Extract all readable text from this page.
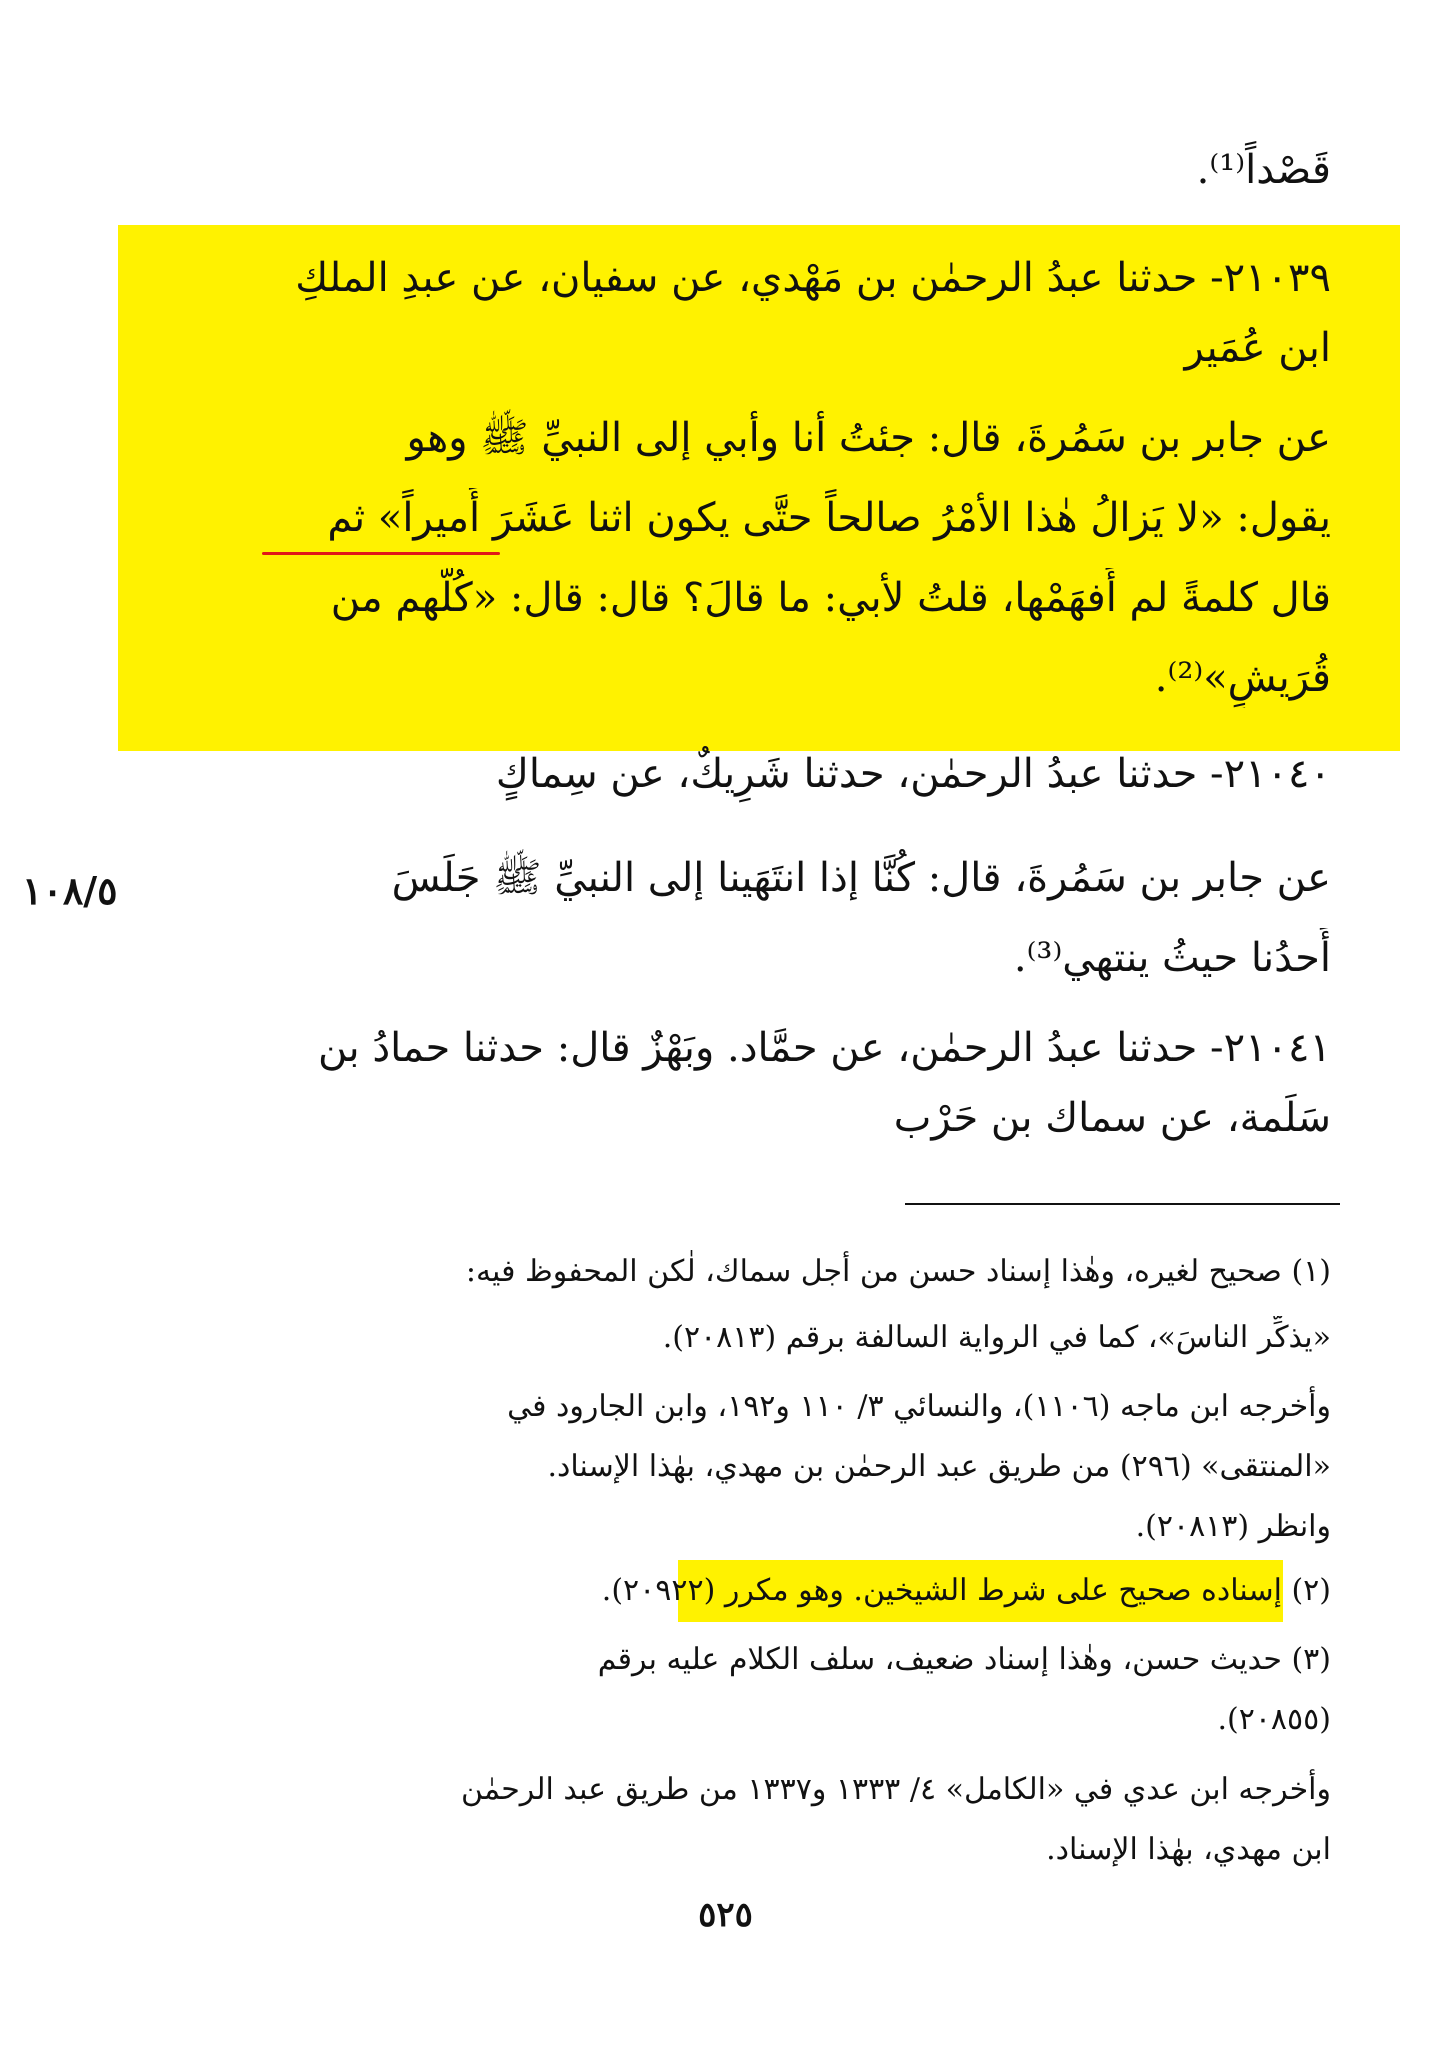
قَصْداً⁽¹⁾.
٢١٠٣٩- حدثنا عبدُ الرحمٰن بن مَهْدي، عن سفيان، عن عبدِ الملكِ
ابن عُمَير
عن جابر بن سَمُرةَ، قال: جئتُ أنا وأبي إلى النبيِّ ﷺ وهو
يقول: «لا يَزالُ هٰذا الأمْرُ صالحاً حتَّى يكون اثنا عَشَرَ أَميراً» ثم
قال كلمةً لم أَفهَمْها، قلتُ لأبي: ما قالَ؟ قال: قال: «كُلُّهم من
قُرَيشٍ»⁽²⁾.
٢١٠٤٠- حدثنا عبدُ الرحمٰن، حدثنا شَرِيكٌ، عن سِماكٍ
عن جابر بن سَمُرةَ، قال: كُنَّا إذا انتَهَينا إلى النبيِّ ﷺ جَلَسَ
أَحدُنا حيثُ ينتهي⁽³⁾.
٢١٠٤١- حدثنا عبدُ الرحمٰن، عن حمَّاد. وبَهْزٌ قال: حدثنا حمادُ بن
سَلَمة، عن سماك بن حَرْب
١٠٨/٥
(١) صحيح لغيره، وهٰذا إسناد حسن من أجل سماك، لٰكن المحفوظ فيه:
«يذكِّر الناسَ»، كما في الرواية السالفة برقم (٢٠٨١٣).
وأخرجه ابن ماجه (١١٠٦)، والنسائي ٣/ ١١٠ و١٩٢، وابن الجارود في
«المنتقى» (٢٩٦) من طريق عبد الرحمٰن بن مهدي، بهٰذا الإسناد.
وانظر (٢٠٨١٣).
(٢) إسناده صحيح على شرط الشيخين. وهو مكرر (٢٠٩٢٢).
(٣) حديث حسن، وهٰذا إسناد ضعيف، سلف الكلام عليه برقم
(٢٠٨٥٥).
وأخرجه ابن عدي في «الكامل» ٤/ ١٣٣٣ و١٣٣٧ من طريق عبد الرحمٰن
ابن مهدي، بهٰذا الإسناد.
٥٢٥
